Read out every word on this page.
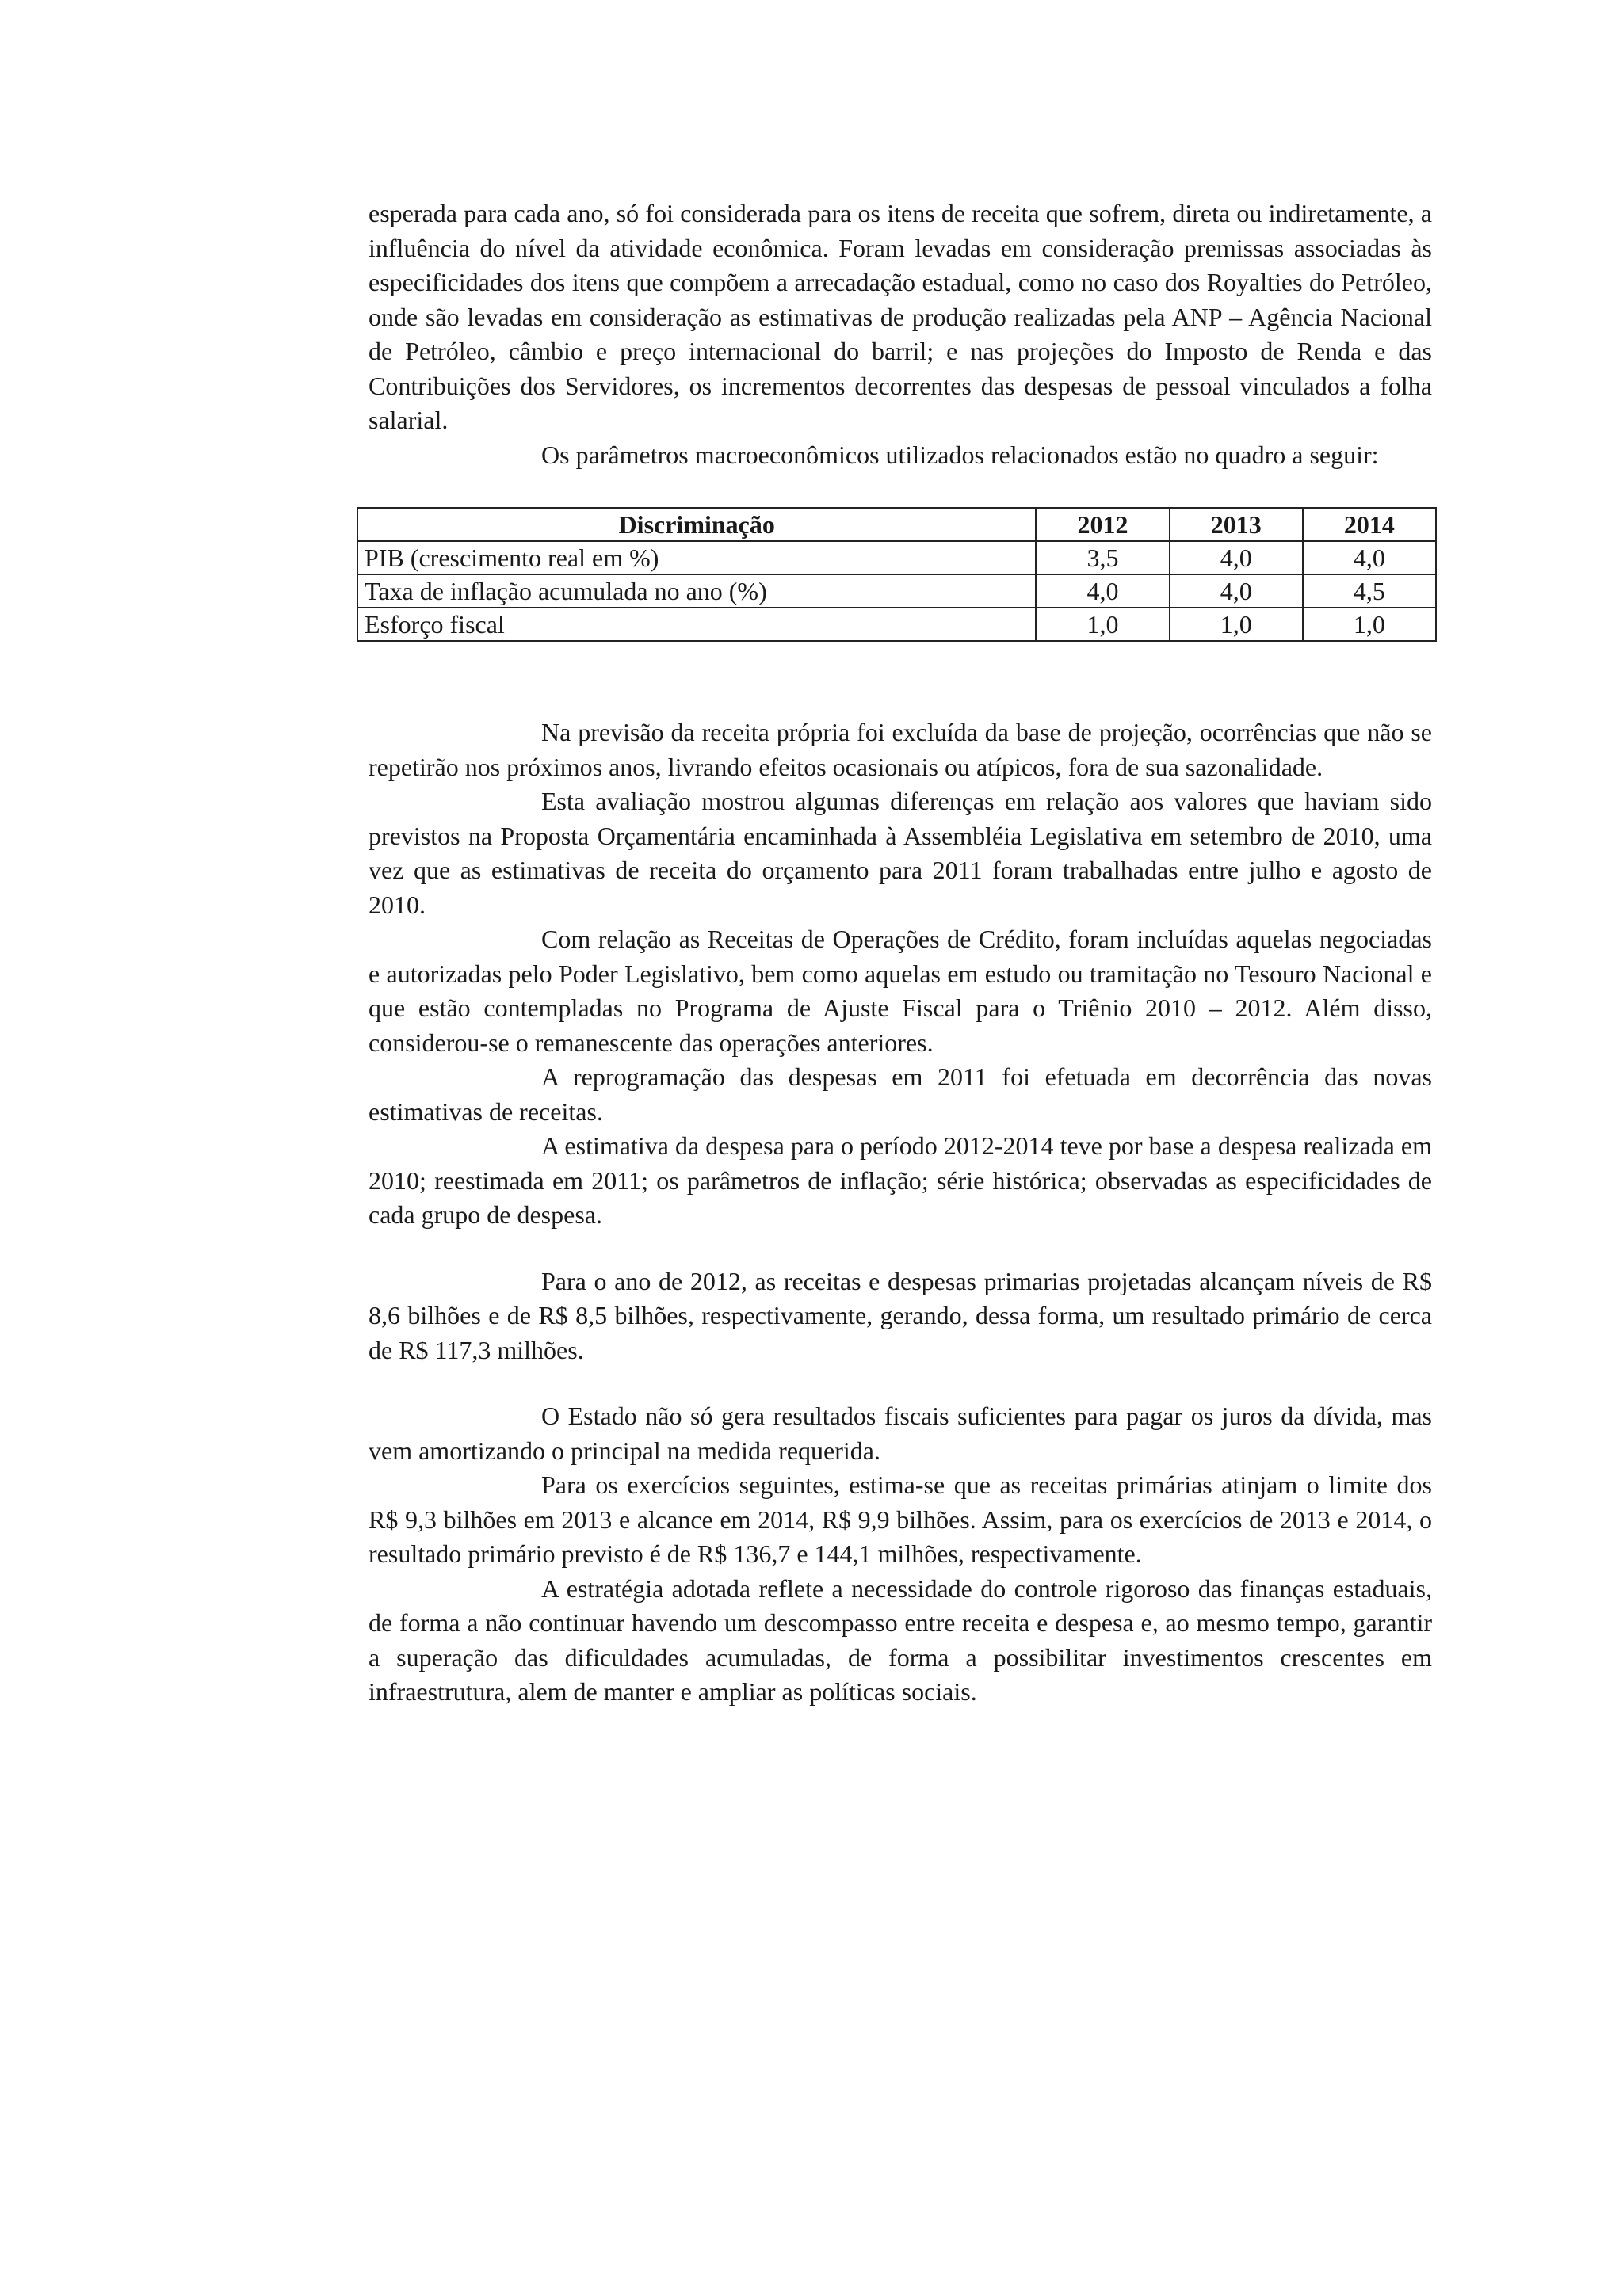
esperada para cada ano, só foi considerada para os itens de receita que sofrem, direta ou indiretamente, a influência do nível da atividade econômica. Foram levadas em consideração premissas associadas às especificidades dos itens que compõem a arrecadação estadual, como no caso dos Royalties do Petróleo, onde são levadas em consideração as estimativas de produção realizadas pela ANP – Agência Nacional de Petróleo, câmbio e preço internacional do barril; e nas projeções do Imposto de Renda e das Contribuições dos Servidores, os incrementos decorrentes das despesas de pessoal vinculados a folha salarial.

Os parâmetros macroeconômicos utilizados relacionados estão no quadro a seguir:

Discriminação	2012	2013	2014
PIB (crescimento real em %)	3,5	4,0	4,0
Taxa de inflação acumulada no ano (%)	4,0	4,0	4,5
Esforço fiscal	1,0	1,0	1,0

Na previsão da receita própria foi excluída da base de projeção, ocorrências que não se repetirão nos próximos anos, livrando efeitos ocasionais ou atípicos, fora de sua sazonalidade.

Esta avaliação mostrou algumas diferenças em relação aos valores que haviam sido previstos na Proposta Orçamentária encaminhada à Assembléia Legislativa em setembro de 2010, uma vez que as estimativas de receita do orçamento para 2011 foram trabalhadas entre julho e agosto de 2010.

Com relação as Receitas de Operações de Crédito, foram incluídas aquelas negociadas e autorizadas pelo Poder Legislativo, bem como aquelas em estudo ou tramitação no Tesouro Nacional e que estão contempladas no Programa de Ajuste Fiscal para o Triênio 2010 – 2012. Além disso, considerou-se o remanescente das operações anteriores.

A reprogramação das despesas em 2011 foi efetuada em decorrência das novas estimativas de receitas.

A estimativa da despesa para o período 2012-2014 teve por base a despesa realizada em 2010; reestimada em 2011; os parâmetros de inflação; série histórica; observadas as especificidades de cada grupo de despesa.

Para o ano de 2012, as receitas e despesas primarias projetadas alcançam níveis de R$ 8,6 bilhões e de R$ 8,5 bilhões, respectivamente, gerando, dessa forma, um resultado primário de cerca de R$ 117,3 milhões.

O Estado não só gera resultados fiscais suficientes para pagar os juros da dívida, mas vem amortizando o principal na medida requerida.

Para os exercícios seguintes, estima-se que as receitas primárias atinjam o limite dos R$ 9,3 bilhões em 2013 e alcance em 2014, R$ 9,9 bilhões. Assim, para os exercícios de 2013 e 2014, o resultado primário previsto é de R$ 136,7 e 144,1 milhões, respectivamente.

A estratégia adotada reflete a necessidade do controle rigoroso das finanças estaduais, de forma a não continuar havendo um descompasso entre receita e despesa e, ao mesmo tempo, garantir a superação das dificuldades acumuladas, de forma a possibilitar investimentos crescentes em infraestrutura, alem de manter e ampliar as políticas sociais.
